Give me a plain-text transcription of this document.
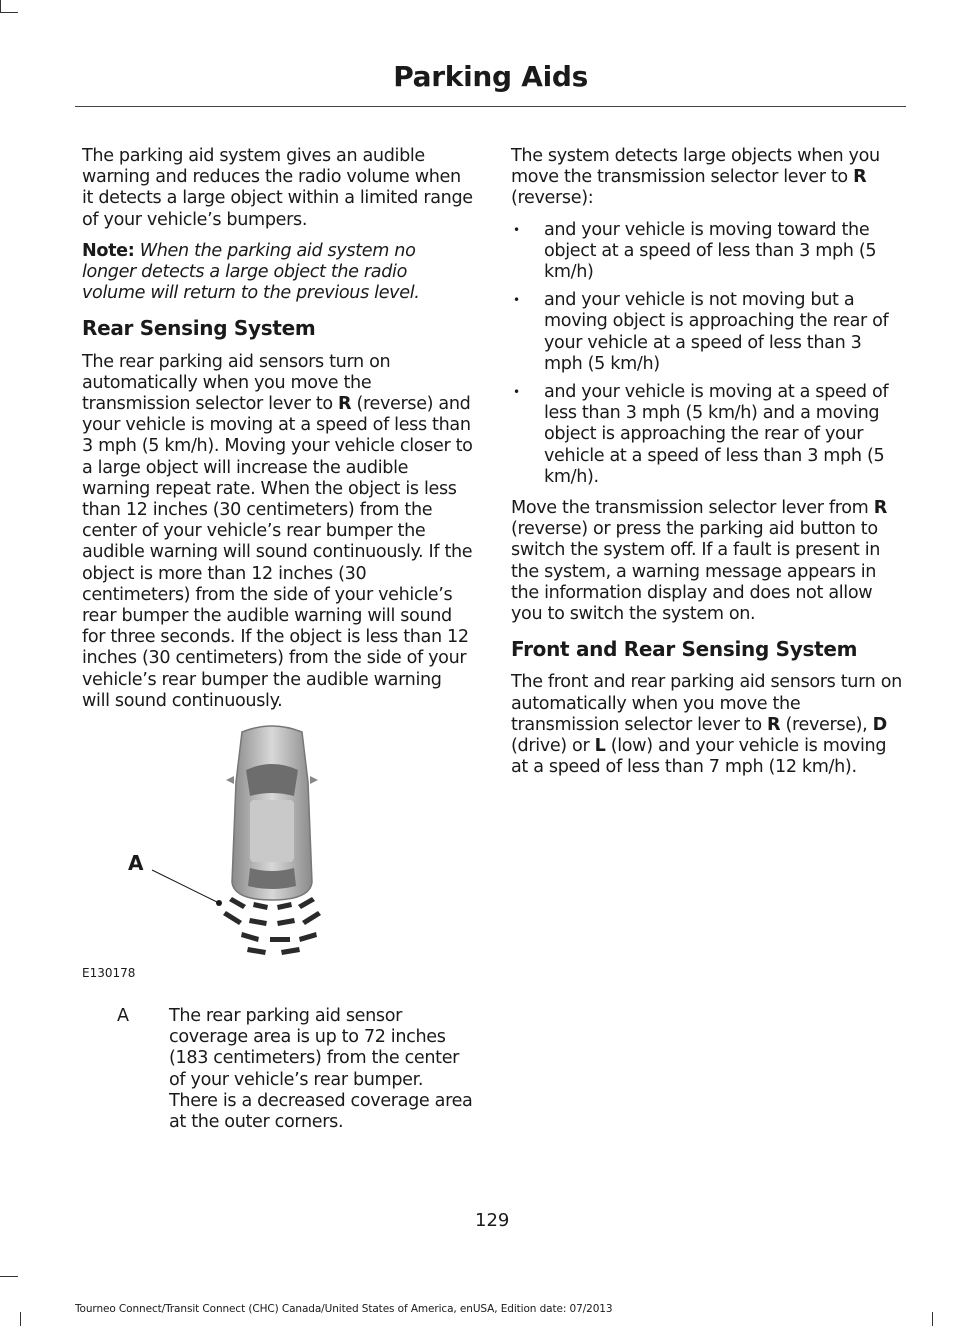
Parking Aids

The parking aid system gives an audible warning and reduces the radio volume when it detects a large object within a limited range of your vehicle’s bumpers.

Note: When the parking aid system no longer detects a large object the radio volume will return to the previous level.

Rear Sensing System

The rear parking aid sensors turn on automatically when you move the transmission selector lever to R (reverse) and your vehicle is moving at a speed of less than 3 mph (5 km/h). Moving your vehicle closer to a large object will increase the audible warning repeat rate. When the object is less than 12 inches (30 centimeters) from the center of your vehicle’s rear bumper the audible warning will sound continuously. If the object is more than 12 inches (30 centimeters) from the side of your vehicle’s rear bumper the audible warning will sound for three seconds. If the object is less than 12 inches (30 centimeters) from the side of your vehicle’s rear bumper the audible warning will sound continuously.

A
E130178
A	The rear parking aid sensor coverage area is up to 72 inches (183 centimeters) from the center of your vehicle’s rear bumper. There is a decreased coverage area at the outer corners.

The system detects large objects when you move the transmission selector lever to R (reverse):

• and your vehicle is moving toward the object at a speed of less than 3 mph (5 km/h)
• and your vehicle is not moving but a moving object is approaching the rear of your vehicle at a speed of less than 3 mph (5 km/h)
• and your vehicle is moving at a speed of less than 3 mph (5 km/h) and a moving object is approaching the rear of your vehicle at a speed of less than 3 mph (5 km/h).

Move the transmission selector lever from R (reverse) or press the parking aid button to switch the system off. If a fault is present in the system, a warning message appears in the information display and does not allow you to switch the system on.

Front and Rear Sensing System

The front and rear parking aid sensors turn on automatically when you move the transmission selector lever to R (reverse), D (drive) or L (low) and your vehicle is moving at a speed of less than 7 mph (12 km/h).

129
Tourneo Connect/Transit Connect (CHC) Canada/United States of America, enUSA, Edition date: 07/2013
